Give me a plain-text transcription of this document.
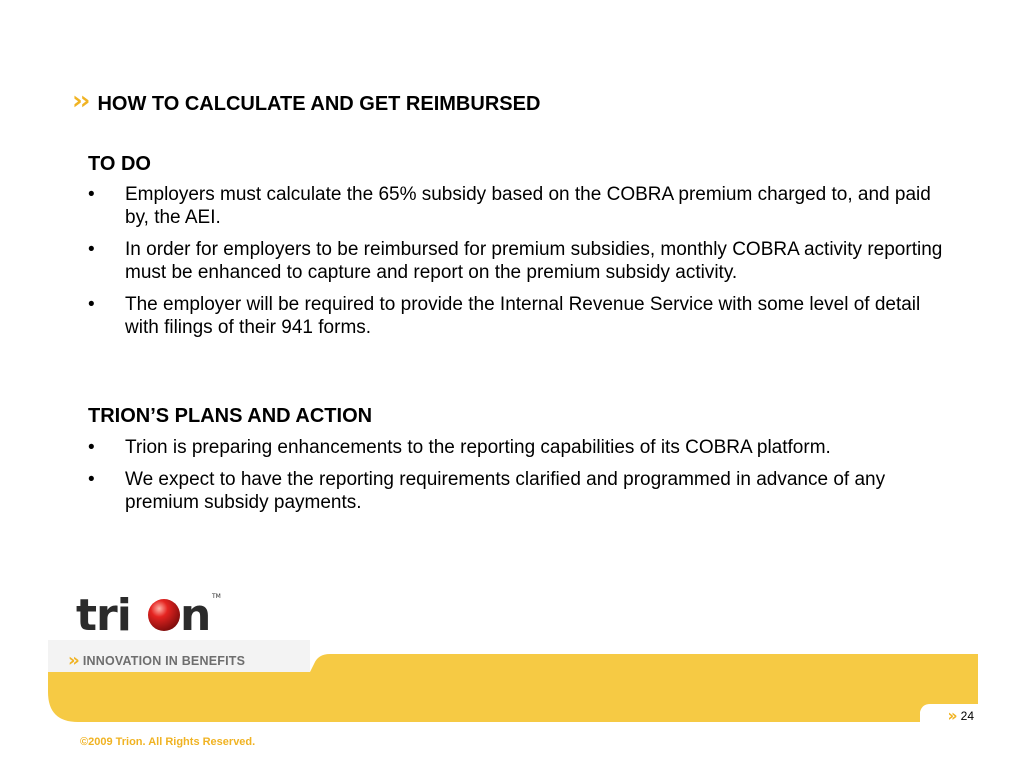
›› HOW TO CALCULATE AND GET REIMBURSED
TO DO
• Employers must calculate the 65% subsidy based on the COBRA premium charged to, and paid by, the AEI.
• In order for employers to be reimbursed for premium subsidies, monthly COBRA activity reporting must be enhanced to capture and report on the premium subsidy activity.
• The employer will be required to provide the Internal Revenue Service with some level of detail with filings of their 941 forms.
TRION’S PLANS AND ACTION
• Trion is preparing enhancements to the reporting capabilities of its COBRA platform.
• We expect to have the reporting requirements clarified and programmed in advance of any premium subsidy payments.
tri n TM
›› INNOVATION IN BENEFITS
›› 24
©2009 Trion. All Rights Reserved.
